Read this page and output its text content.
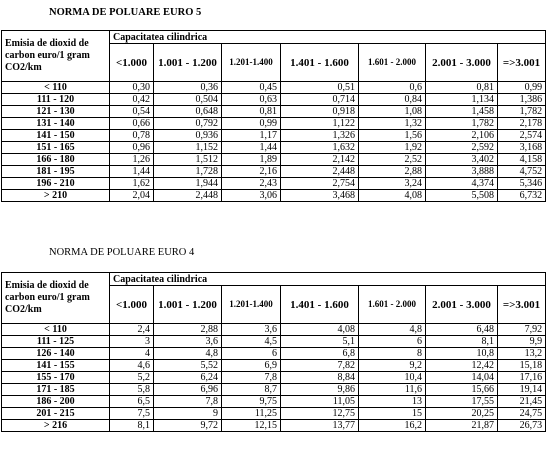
NORMA DE POLUARE EURO 5
Emisia de dioxid de carbon euro/1 gram CO2/km	Capacitatea cilindrica						
	<1.000	1.001 - 1.200	1.201-1.400	1.401 - 1.600	1.601 - 2.000	2.001 - 3.000	=>3.001
< 110	0,30	0,36	0,45	0,51	0,6	0,81	0,99
111 - 120	0,42	0,504	0,63	0,714	0,84	1,134	1,386
121 - 130	0,54	0,648	0,81	0,918	1,08	1,458	1,782
131 - 140	0,66	0,792	0,99	1,122	1,32	1,782	2,178
141 - 150	0,78	0,936	1,17	1,326	1,56	2,106	2,574
151 - 165	0,96	1,152	1,44	1,632	1,92	2,592	3,168
166 - 180	1,26	1,512	1,89	2,142	2,52	3,402	4,158
181 - 195	1,44	1,728	2,16	2,448	2,88	3,888	4,752
196 - 210	1,62	1,944	2,43	2,754	3,24	4,374	5,346
> 210	2,04	2,448	3,06	3,468	4,08	5,508	6,732
NORMA DE POLUARE EURO 4
Emisia de dioxid de carbon euro/1 gram CO2/km	Capacitatea cilindrica						
	<1.000	1.001 - 1.200	1.201-1.400	1.401 - 1.600	1.601 - 2.000	2.001 - 3.000	=>3.001
< 110	2,4	2,88	3,6	4,08	4,8	6,48	7,92
111 - 125	3	3,6	4,5	5,1	6	8,1	9,9
126 - 140	4	4,8	6	6,8	8	10,8	13,2
141 - 155	4,6	5,52	6,9	7,82	9,2	12,42	15,18
155 - 170	5,2	6,24	7,8	8,84	10,4	14,04	17,16
171 - 185	5,8	6,96	8,7	9,86	11,6	15,66	19,14
186 - 200	6,5	7,8	9,75	11,05	13	17,55	21,45
201 - 215	7,5	9	11,25	12,75	15	20,25	24,75
> 216	8,1	9,72	12,15	13,77	16,2	21,87	26,73
